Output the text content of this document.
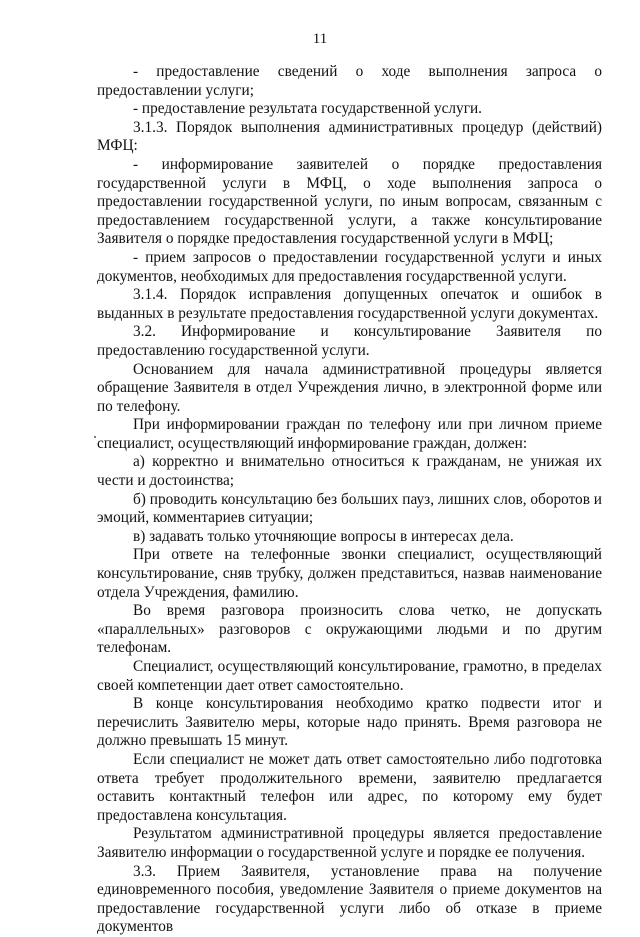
11

- предоставление сведений о ходе выполнения запроса о предоставлении услуги;

- предоставление результата государственной услуги.

3.1.3. Порядок выполнения административных процедур (действий) МФЦ:

- информирование заявителей о порядке предоставления государственной услуги в МФЦ, о ходе выполнения запроса о предоставлении государственной услуги, по иным вопросам, связанным с предоставлением государственной услуги, а также консультирование Заявителя о порядке предоставления государственной услуги в МФЦ;

- прием запросов о предоставлении государственной услуги и иных документов, необходимых для предоставления государственной услуги.

3.1.4. Порядок исправления допущенных опечаток и ошибок в выданных в результате предоставления государственной услуги документах.

3.2. Информирование и консультирование Заявителя по предоставлению государственной услуги.

Основанием для начала административной процедуры является обращение Заявителя в отдел Учреждения лично, в электронной форме или по телефону.

При информировании граждан по телефону или при личном приеме специалист, осуществляющий информирование граждан, должен:

а) корректно и внимательно относиться к гражданам, не унижая их чести и достоинства;

б) проводить консультацию без больших пауз, лишних слов, оборотов и эмоций, комментариев ситуации;

в) задавать только уточняющие вопросы в интересах дела.

При ответе на телефонные звонки специалист, осуществляющий консультирование, сняв трубку, должен представиться, назвав наименование отдела Учреждения, фамилию.

Во время разговора произносить слова четко, не допускать «параллельных» разговоров с окружающими людьми и по другим телефонам.

Специалист, осуществляющий консультирование, грамотно, в пределах своей компетенции дает ответ самостоятельно.

В конце консультирования необходимо кратко подвести итог и перечислить Заявителю меры, которые надо принять. Время разговора не должно превышать 15 минут.

Если специалист не может дать ответ самостоятельно либо подготовка ответа требует продолжительного времени, заявителю предлагается оставить контактный телефон или адрес, по которому ему будет предоставлена консультация.

Результатом административной процедуры является предоставление Заявителю информации о государственной услуге и порядке ее получения.

3.3. Прием Заявителя, установление права на получение единовременного пособия, уведомление Заявителя о приеме документов на предоставление государственной услуги либо об отказе в приеме документов
